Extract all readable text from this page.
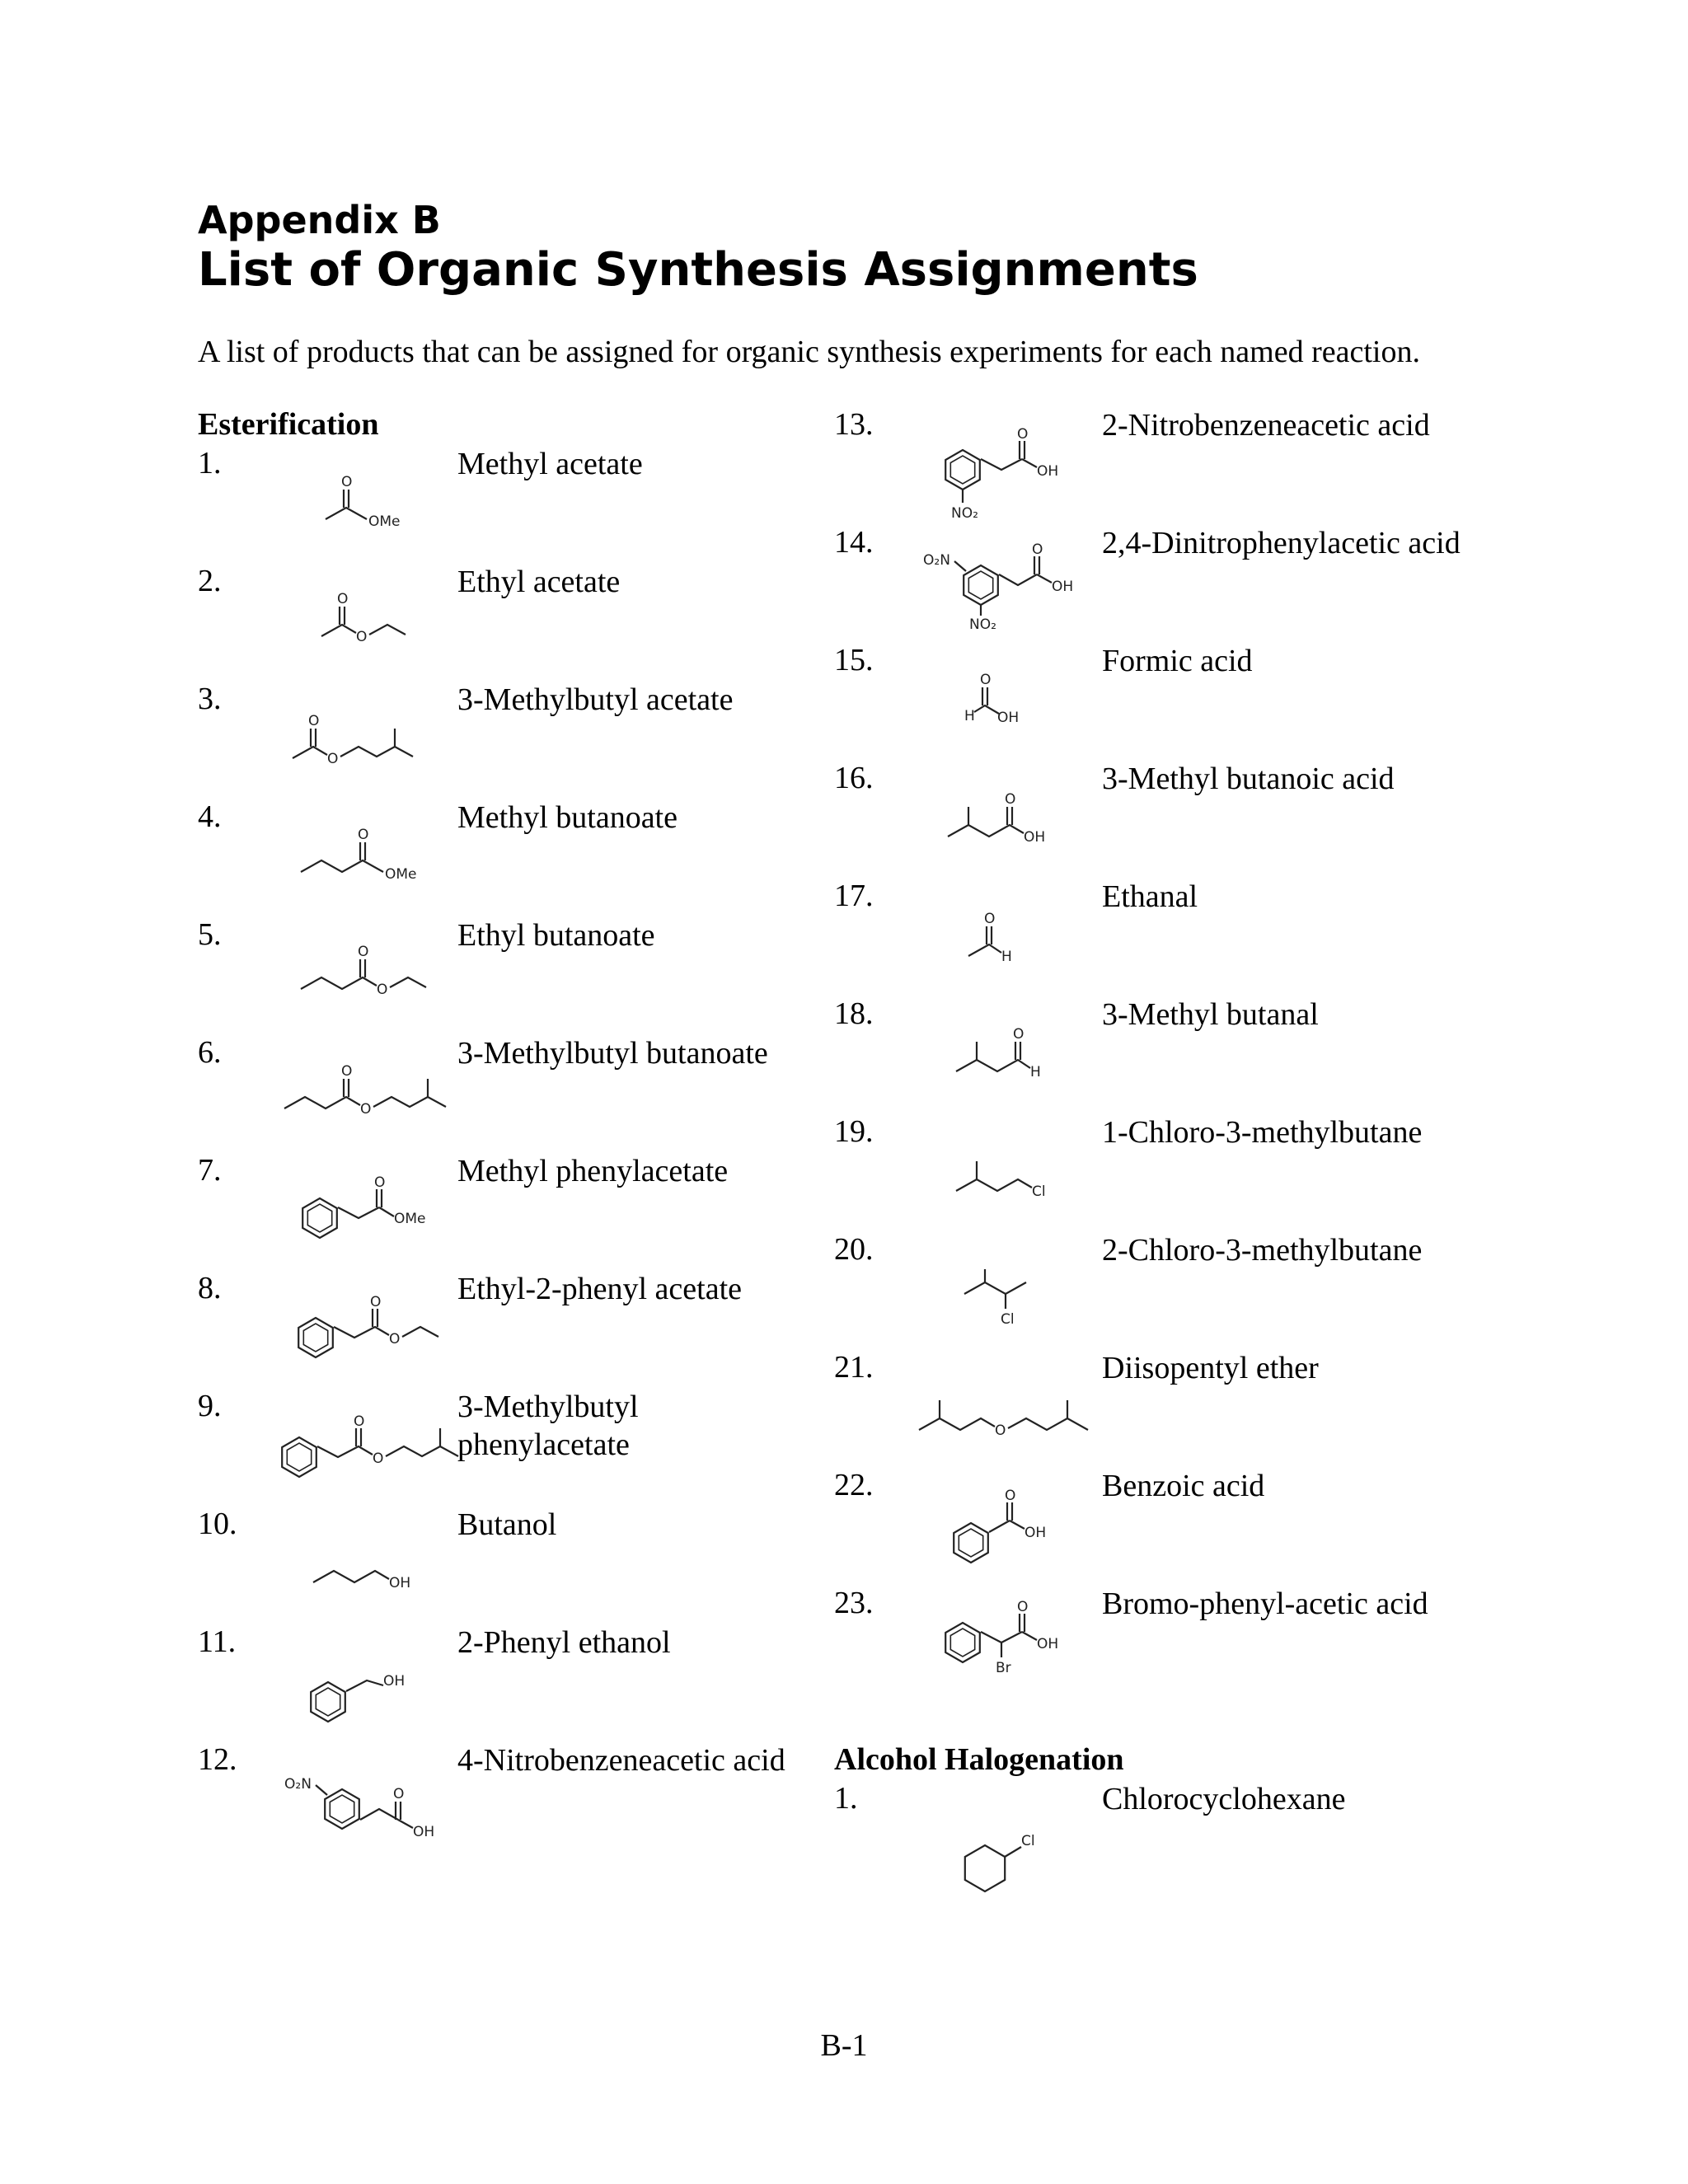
Appendix B
List of Organic Synthesis Assignments
A list of products that can be assigned for organic synthesis experiments for each named reaction.
Esterification
1.	Methyl acetate
O
OMe
2.	Ethyl acetate
O
O
3.	3-Methylbutyl acetate
O
O
4.	Methyl butanoate
O
OMe
5.	Ethyl butanoate
O
O
6.	3-Methylbutyl butanoate
O
O
7.	Methyl phenylacetate
O
OMe
8.	Ethyl-2-phenyl acetate
O
O
9.	3-Methylbutyl phenylacetate
O
O
10.	Butanol
OH
11.	2-Phenyl ethanol
OH
12.	4-Nitrobenzeneacetic acid
O₂N
O
OH
13.	2-Nitrobenzeneacetic acid
O
OH
NO₂
14.	2,4-Dinitrophenylacetic acid
O₂N
O
OH
NO₂
15.	Formic acid
H
O
OH
16.	3-Methyl butanoic acid
O
OH
17.	Ethanal
O
H
18.	3-Methyl butanal
O
H
19.	1-Chloro-3-methylbutane
Cl
20.	2-Chloro-3-methylbutane
Cl
21.	Diisopentyl ether
O
22.	Benzoic acid
O
OH
23.	Bromo-phenyl-acetic acid
O
OH
Br
1.	Chlorocyclohexane
Cl
Alcohol Halogenation
B-1
